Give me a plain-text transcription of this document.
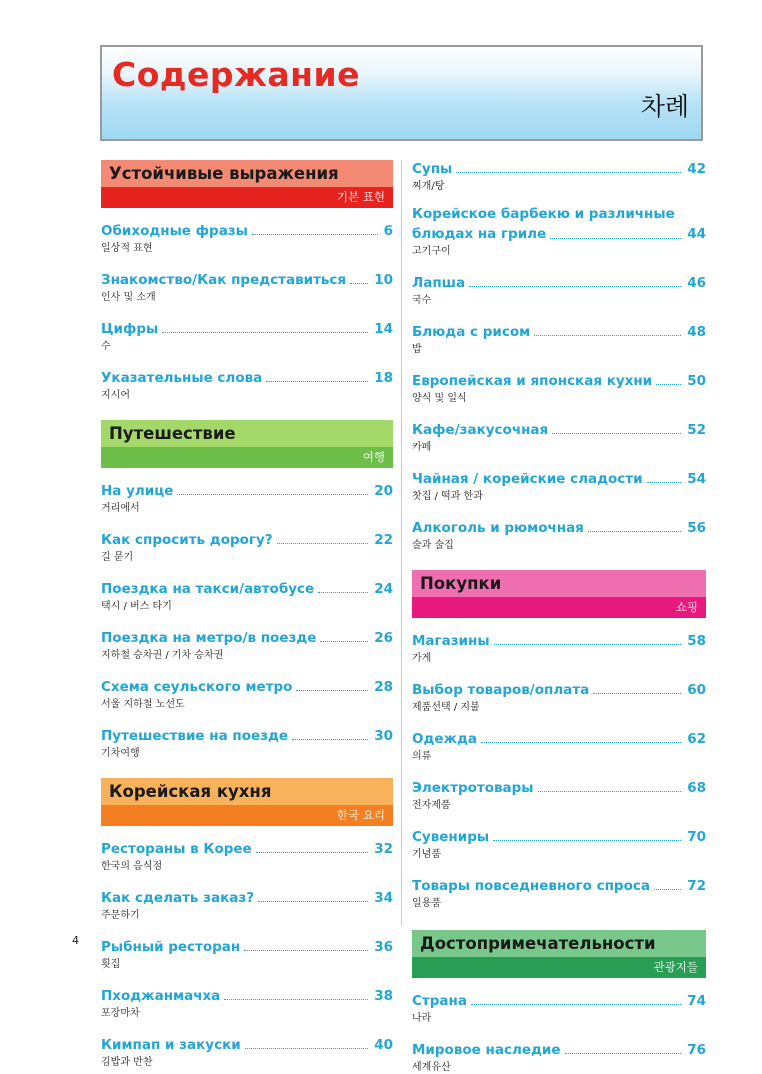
Содержание
차례
Устойчивые выражения
기본 표현
Обиходные фразы	6
일상적 표현
Знакомство/Как представиться 10
인사 및 소개
Цифры	14
수
Указательные слова	18
지시어
Путешествие
여행
На улице	20
거리에서
Как спросить дорогу?	22
길 묻기
Поездка на такси/автобусе	24
택시 / 버스 타기
Поездка на метро/в поезде	26
지하철 승차권 / 기차 승차권
Схема сеульского метро	28
서울 지하철 노선도
Путешествие на поезде	30
기차여행
Корейская кухня
한국 요리
Рестораны в Корее	32
한국의 음식점
Как сделать заказ?	34
주문하기
Рыбный ресторан	36
횟집
Пходжанмачха	38
포장마차
Кимпап и закуски	40
김밥과 반찬
Супы	42
찌개/탕
Корейское барбекю и различные
блюдах на гриле	44
고기구이
Лапша	46
국수
Блюда с рисом	48
밥
Европейская и японская кухни	50
양식 및 일식
Кафе/закусочная	52
카페
Чайная / корейские сладости	54
찻집 / 떡과 한과
Алкоголь и рюмочная	56
술과 술집
Покупки
쇼핑
Магазины	58
가게
Выбор товаров/оплата	60
제품선택 / 지불
Одежда	62
의류
Электротовары	68
전자제품
Сувениры	70
기념품
Товары повседневного спроса	72
일용품
Достопримечательности
관광지들
Страна	74
나라
Мировое наследие	76
세계유산
4
